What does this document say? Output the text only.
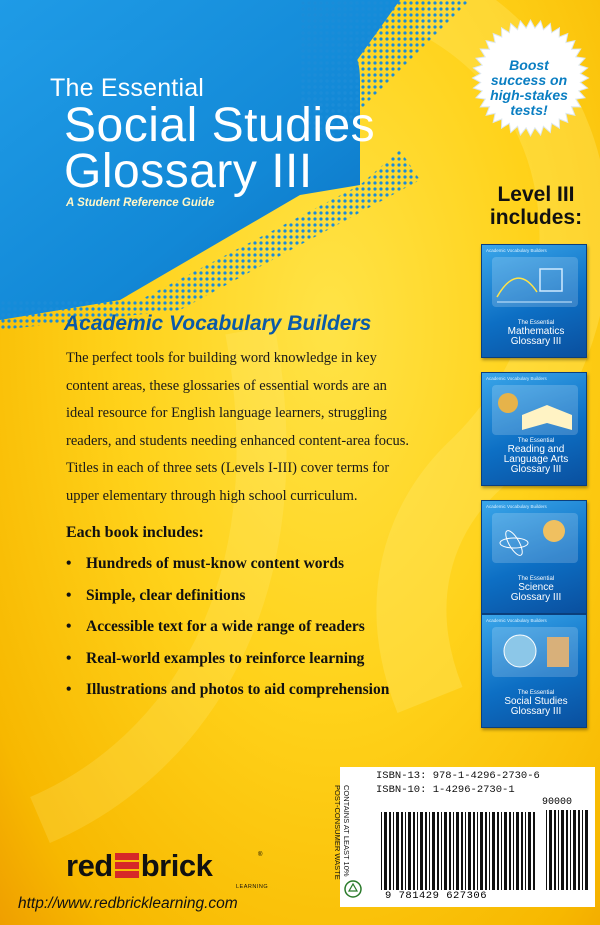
The Essential
Social Studies
Glossary III
A Student Reference Guide
Boost
success on
high-stakes
tests!
Level III
includes:
Academic Vocabulary Builders
The Essential
Mathematics
Glossary III
Academic Vocabulary Builders
The Essential
Reading and
Language Arts
Glossary III
Academic Vocabulary Builders
The Essential
Science
Glossary III
Academic Vocabulary Builders
The Essential
Social Studies
Glossary III
Academic Vocabulary Builders
The perfect tools for building word knowledge in key
content areas, these glossaries of essential words are an
ideal resource for English language learners, struggling
readers, and students needing enhanced content-area focus.
Titles in each of three sets (Levels I-III) cover terms for
upper elementary through high school curriculum.
Each book includes:
• Hundreds of must-know content words
• Simple, clear definitions
• Accessible text for a wide range of readers
• Real-world examples to reinforce learning
• Illustrations and photos to aid comprehension
red brick	®
LEARNING
http://www.redbricklearning.com
CONTAINS AT LEAST 10%
POST-CONSUMER WASTE
ISBN-13: 978-1-4296-2730-6
ISBN-10: 1-4296-2730-1
90000
9 781429 627306
